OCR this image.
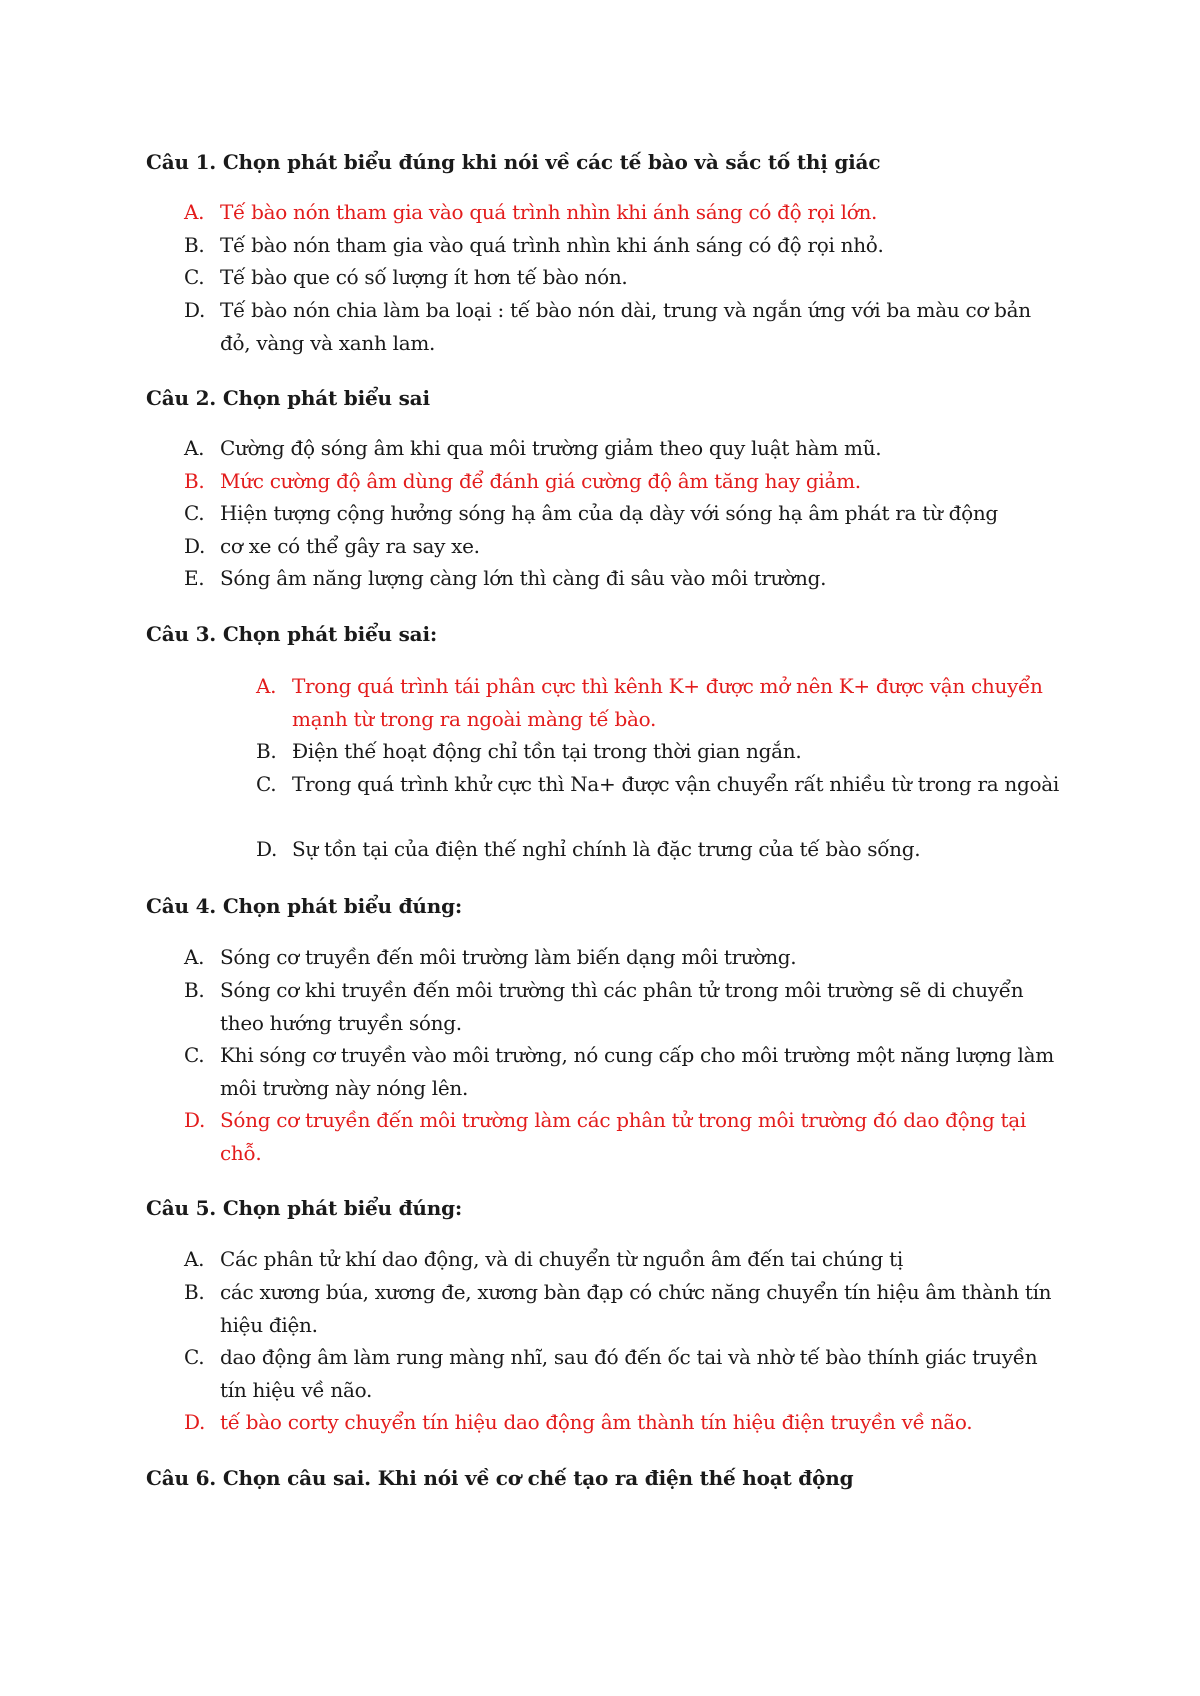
Câu 1. Chọn phát biểu đúng khi nói về các tế bào và sắc tố thị giác
A. Tế bào nón tham gia vào quá trình nhìn khi ánh sáng có độ rọi lớn.
B. Tế bào nón tham gia vào quá trình nhìn khi ánh sáng có độ rọi nhỏ.
C. Tế bào que có số lượng ít hơn tế bào nón.
D. Tế bào nón chia làm ba loại : tế bào nón dài, trung và ngắn ứng với ba màu cơ bản đỏ, vàng và xanh lam.
Câu 2. Chọn phát biểu sai
A. Cường độ sóng âm khi qua môi trường giảm theo quy luật hàm mũ.
B. Mức cường độ âm dùng để đánh giá cường độ âm tăng hay giảm.
C. Hiện tượng cộng hưởng sóng hạ âm của dạ dày với sóng hạ âm phát ra từ động
D. cơ xe có thể gây ra say xe.
E. Sóng âm năng lượng càng lớn thì càng đi sâu vào môi trường.
Câu 3. Chọn phát biểu sai:
A. Trong quá trình tái phân cực thì kênh K+ được mở nên K+ được vận chuyển mạnh từ trong ra ngoài màng tế bào.
B. Điện thế hoạt động chỉ tồn tại trong thời gian ngắn.
C. Trong quá trình khử cực thì Na+ được vận chuyển rất nhiều từ trong ra ngoài
D. Sự tồn tại của điện thế nghỉ chính là đặc trưng của tế bào sống.
Câu 4. Chọn phát biểu đúng:
A. Sóng cơ truyền đến môi trường làm biến dạng môi trường.
B. Sóng cơ khi truyền đến môi trường thì các phân tử trong môi trường sẽ di chuyển theo hướng truyền sóng.
C. Khi sóng cơ truyền vào môi trường, nó cung cấp cho môi trường một năng lượng làm môi trường này nóng lên.
D. Sóng cơ truyền đến môi trường làm các phân tử trong môi trường đó dao động tại chỗ.
Câu 5. Chọn phát biểu đúng:
A. Các phân tử khí dao động, và di chuyển từ nguồn âm đến tai chúng tị
B. các xương búa, xương đe, xương bàn đạp có chức năng chuyển tín hiệu âm thành tín hiệu điện.
C. dao động âm làm rung màng nhĩ, sau đó đến ốc tai và nhờ tế bào thính giác truyền tín hiệu về não.
D. tế bào corty chuyển tín hiệu dao động âm thành tín hiệu điện truyền về não.
Câu 6. Chọn câu sai. Khi nói về cơ chế tạo ra điện thế hoạt động
